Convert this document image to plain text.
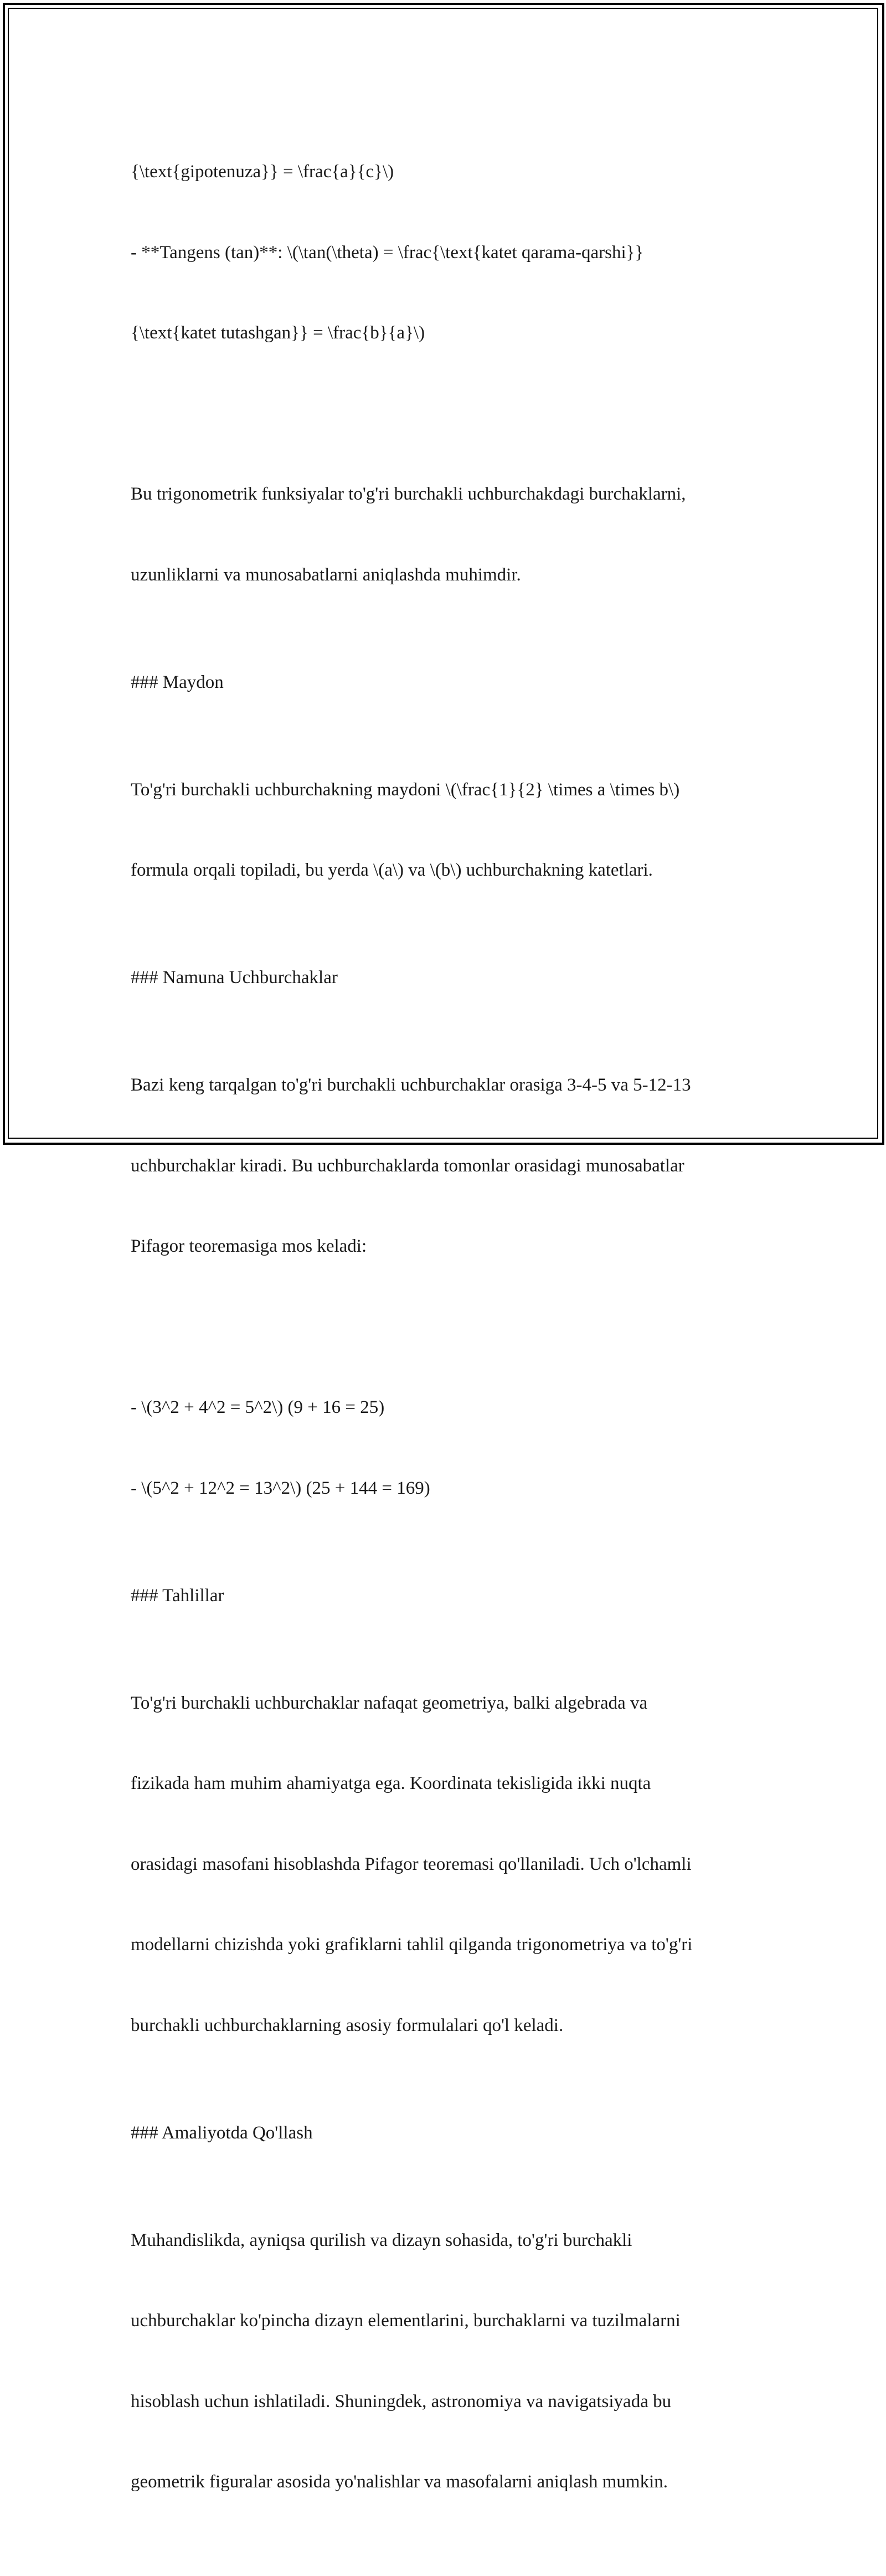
{\text{gipotenuza}} = \frac{a}{c}\)

- **Tangens (tan)**: \(\tan(\theta) = \frac{\text{katet qarama-qarshi}}

{\text{katet tutashgan}} = \frac{b}{a}\)

Bu trigonometrik funksiyalar to'g'ri burchakli uchburchakdagi burchaklarni,

uzunliklarni va munosabatlarni aniqlashda muhimdir.

### Maydon

To'g'ri burchakli uchburchakning maydoni \(\frac{1}{2} \times a \times b\)

formula orqali topiladi, bu yerda \(a\) va \(b\) uchburchakning katetlari.

### Namuna Uchburchaklar

Bazi keng tarqalgan to'g'ri burchakli uchburchaklar orasiga 3-4-5 va 5-12-13

uchburchaklar kiradi. Bu uchburchaklarda tomonlar orasidagi munosabatlar

Pifagor teoremasiga mos keladi:

- \(3^2 + 4^2 = 5^2\) (9 + 16 = 25)

- \(5^2 + 12^2 = 13^2\) (25 + 144 = 169)

### Tahlillar

To'g'ri burchakli uchburchaklar nafaqat geometriya, balki algebrada va

fizikada ham muhim ahamiyatga ega. Koordinata tekisligida ikki nuqta

orasidagi masofani hisoblashda Pifagor teoremasi qo'llaniladi. Uch o'lchamli

modellarni chizishda yoki grafiklarni tahlil qilganda trigonometriya va to'g'ri

burchakli uchburchaklarning asosiy formulalari qo'l keladi.

### Amaliyotda Qo'llash

Muhandislikda, ayniqsa qurilish va dizayn sohasida, to'g'ri burchakli

uchburchaklar ko'pincha dizayn elementlarini, burchaklarni va tuzilmalarni

hisoblash uchun ishlatiladi. Shuningdek, astronomiya va navigatsiyada bu

geometrik figuralar asosida yo'nalishlar va masofalarni aniqlash mumkin.
